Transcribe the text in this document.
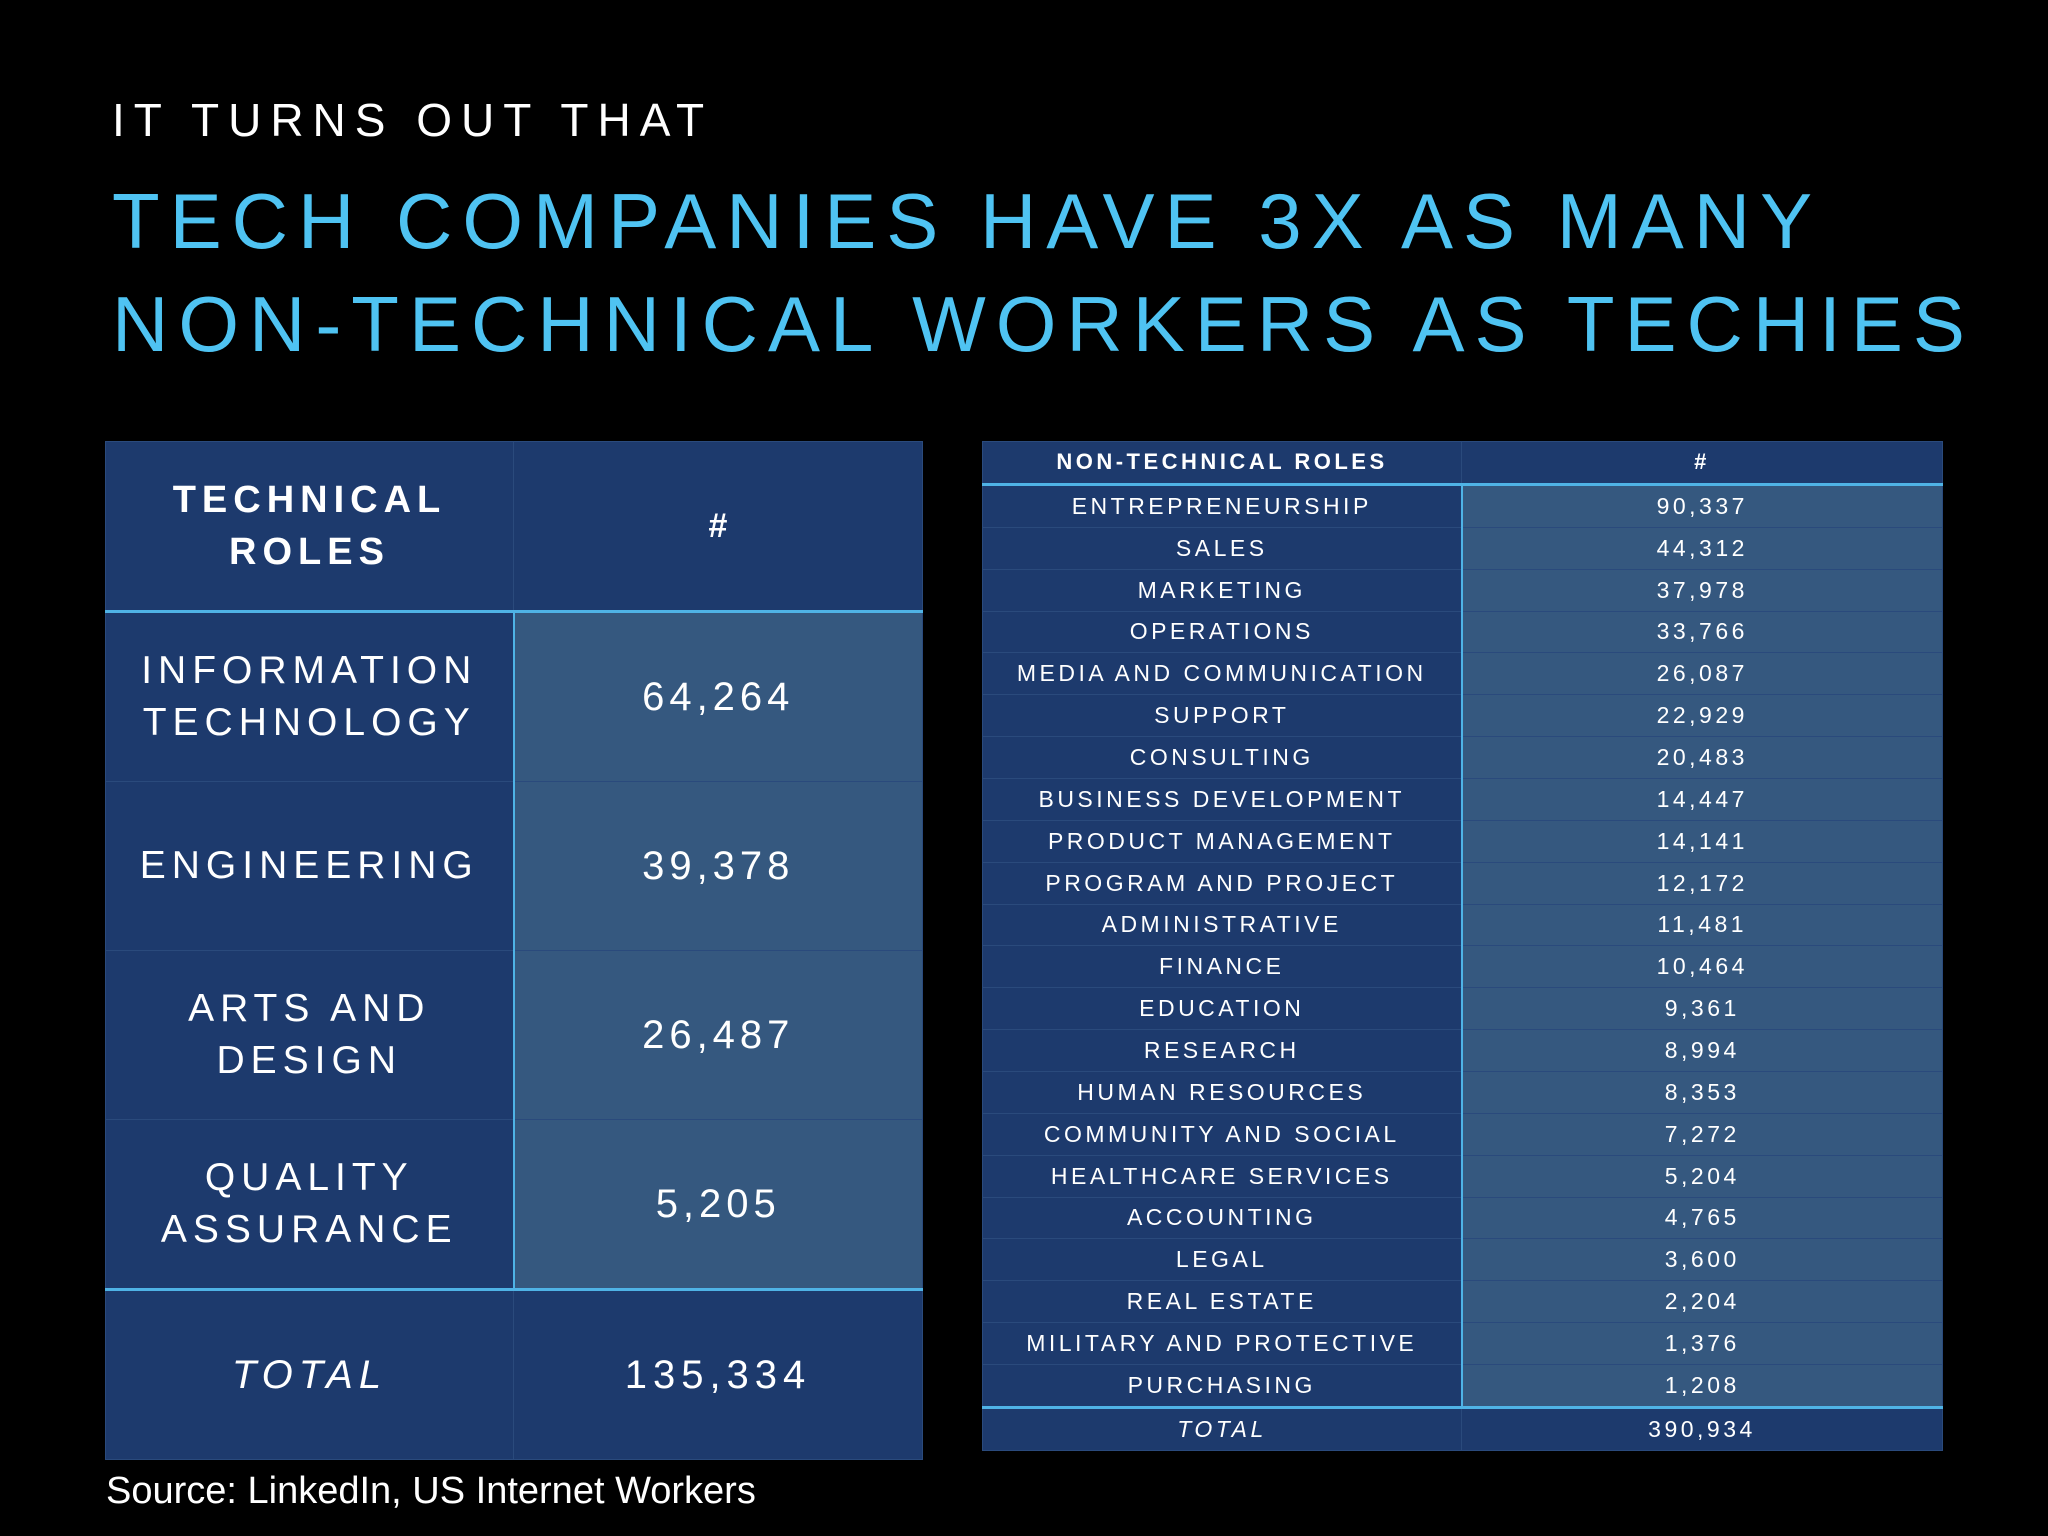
IT TURNS OUT THAT
TECH COMPANIES HAVE 3X AS MANY
NON-TECHNICAL WORKERS AS TECHIES
TECHNICAL
ROLES	#
INFORMATION
TECHNOLOGY	64,264
ENGINEERING	39,378
ARTS AND
DESIGN	26,487
QUALITY
ASSURANCE	5,205
TOTAL	135,334
NON-TECHNICAL ROLES	#
ENTREPRENEURSHIP	90,337
SALES	44,312
MARKETING	37,978
OPERATIONS	33,766
MEDIA AND COMMUNICATION	26,087
SUPPORT	22,929
CONSULTING	20,483
BUSINESS DEVELOPMENT	14,447
PRODUCT MANAGEMENT	14,141
PROGRAM AND PROJECT	12,172
ADMINISTRATIVE	11,481
FINANCE	10,464
EDUCATION	9,361
RESEARCH	8,994
HUMAN RESOURCES	8,353
COMMUNITY AND SOCIAL	7,272
HEALTHCARE SERVICES	5,204
ACCOUNTING	4,765
LEGAL	3,600
REAL ESTATE	2,204
MILITARY AND PROTECTIVE	1,376
PURCHASING	1,208
TOTAL	390,934
Source: LinkedIn, US Internet Workers
